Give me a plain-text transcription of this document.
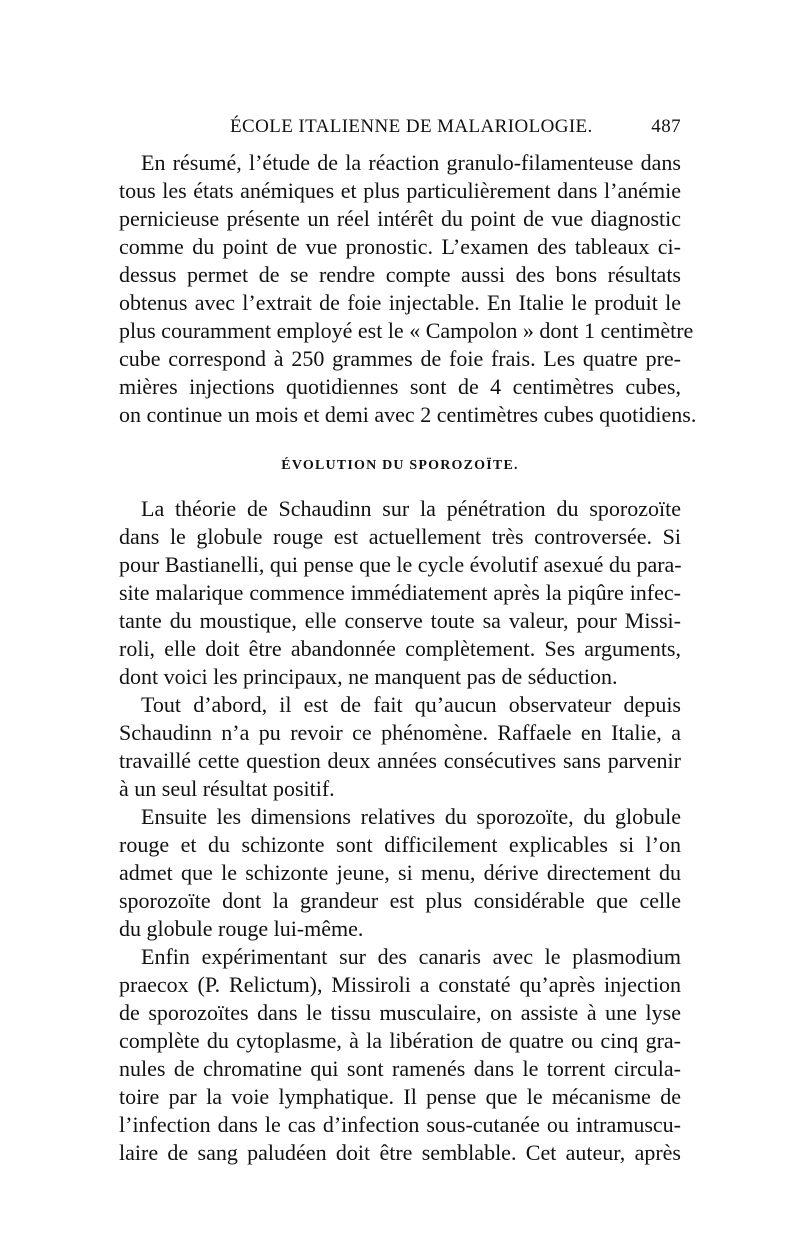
ÉCOLE ITALIENNE DE MALARIOLOGIE.	487
En résumé, l’étude de la réaction granulo-filamenteuse dans
tous les états anémiques et plus particulièrement dans l’anémie
pernicieuse présente un réel intérêt du point de vue diagnostic
comme du point de vue pronostic. L’examen des tableaux ci-
dessus permet de se rendre compte aussi des bons résultats
obtenus avec l’extrait de foie injectable. En Italie le produit le
plus couramment employé est le « Campolon » dont 1 centimètre
cube correspond à 250 grammes de foie frais. Les quatre pre-
mières injections quotidiennes sont de 4 centimètres cubes,
on continue un mois et demi avec 2 centimètres cubes quotidiens.
ÉVOLUTION DU SPOROZOÏTE.
La théorie de Schaudinn sur la pénétration du sporozoïte
dans le globule rouge est actuellement très controversée. Si
pour Bastianelli, qui pense que le cycle évolutif asexué du para-
site malarique commence immédiatement après la piqûre infec-
tante du moustique, elle conserve toute sa valeur, pour Missi-
roli, elle doit être abandonnée complètement. Ses arguments,
dont voici les principaux, ne manquent pas de séduction.
Tout d’abord, il est de fait qu’aucun observateur depuis
Schaudinn n’a pu revoir ce phénomène. Raffaele en Italie, a
travaillé cette question deux années consécutives sans parvenir
à un seul résultat positif.
Ensuite les dimensions relatives du sporozoïte, du globule
rouge et du schizonte sont difficilement explicables si l’on
admet que le schizonte jeune, si menu, dérive directement du
sporozoïte dont la grandeur est plus considérable que celle
du globule rouge lui-même.
Enfin expérimentant sur des canaris avec le plasmodium
praecox (P. Relictum), Missiroli a constaté qu’après injection
de sporozoïtes dans le tissu musculaire, on assiste à une lyse
complète du cytoplasme, à la libération de quatre ou cinq gra-
nules de chromatine qui sont ramenés dans le torrent circula-
toire par la voie lymphatique. Il pense que le mécanisme de
l’infection dans le cas d’infection sous-cutanée ou intramuscu-
laire de sang paludéen doit être semblable. Cet auteur, après
